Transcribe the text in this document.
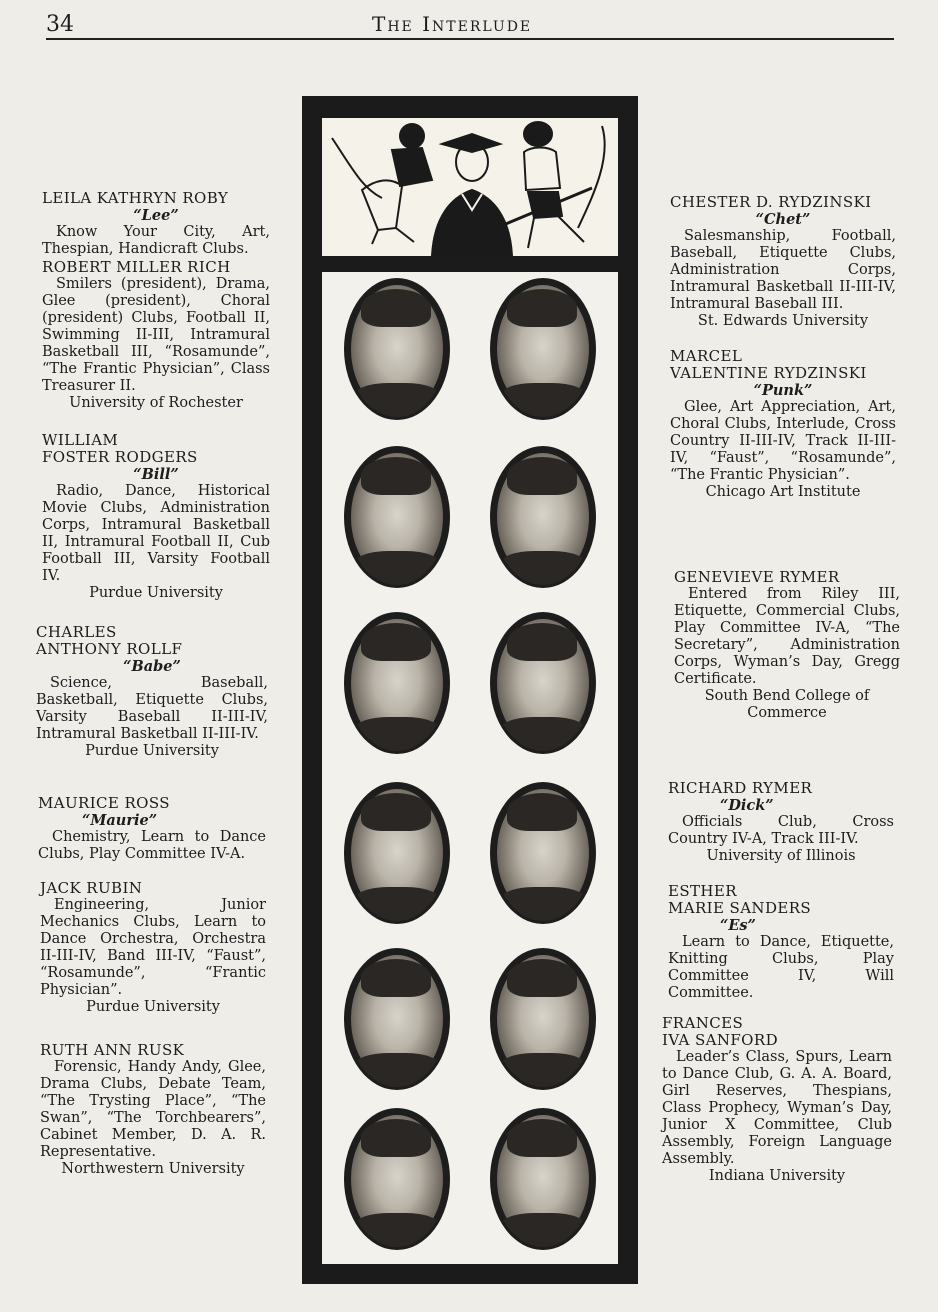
34	The Interlude
LEILA KATHRYN ROBY
“Lee”
Know Your City, Art, Thespian, Handicraft Clubs.
ROBERT MILLER RICH
Smilers (president), Drama, Glee (president), Choral (president) Clubs, Football II, Swimming II-III, Intramural Basketball III, “Rosamunde”, “The Frantic Physician”, Class Treasurer II.
University of Rochester
WILLIAM
FOSTER RODGERS
“Bill”
Radio, Dance, Historical Movie Clubs, Administration Corps, Intramural Basketball II, Intramural Football II, Cub Football III, Varsity Football IV.
Purdue University
CHARLES
ANTHONY ROLLF
“Babe”
Science, Baseball, Basketball, Etiquette Clubs, Varsity Baseball II-III-IV, Intramural Basketball II-III-IV.
Purdue University
MAURICE ROSS
“Maurie”
Chemistry, Learn to Dance Clubs, Play Committee IV-A.
JACK RUBIN
Engineering, Junior Mechanics Clubs, Learn to Dance Orchestra, Orchestra II-III-IV, Band III-IV, “Faust”, “Rosamunde”, “Frantic Physician”.
Purdue University
RUTH ANN RUSK
Forensic, Handy Andy, Glee, Drama Clubs, Debate Team, “The Trysting Place”, “The Swan”, “The Torchbearers”, Cabinet Member, D. A. R. Representative.
Northwestern University
CHESTER D. RYDZINSKI
“Chet”
Salesmanship, Football, Baseball, Etiquette Clubs, Administration Corps, Intramural Basketball II-III-IV, Intramural Baseball III.
St. Edwards University
MARCEL
VALENTINE RYDZINSKI
“Punk”
Glee, Art Appreciation, Art, Choral Clubs, Interlude, Cross Country II-III-IV, Track II-III-IV, “Faust”, “Rosamunde”, “The Frantic Physician”.
Chicago Art Institute
GENEVIEVE RYMER
Entered from Riley III, Etiquette, Commercial Clubs, Play Committee IV-A, “The Secretary”, Administration Corps, Wyman’s Day, Gregg Certificate.
South Bend College of Commerce
RICHARD RYMER
“Dick”
Officials Club, Cross Country IV-A, Track III-IV.
University of Illinois
ESTHER
MARIE SANDERS
“Es”
Learn to Dance, Etiquette, Knitting Clubs, Play Committee IV, Will Committee.
FRANCES
IVA SANFORD
Leader’s Class, Spurs, Learn to Dance Club, G. A. A. Board, Girl Reserves, Thespians, Class Prophecy, Wyman’s Day, Junior X Committee, Club Assembly, Foreign Language Assembly.
Indiana University
